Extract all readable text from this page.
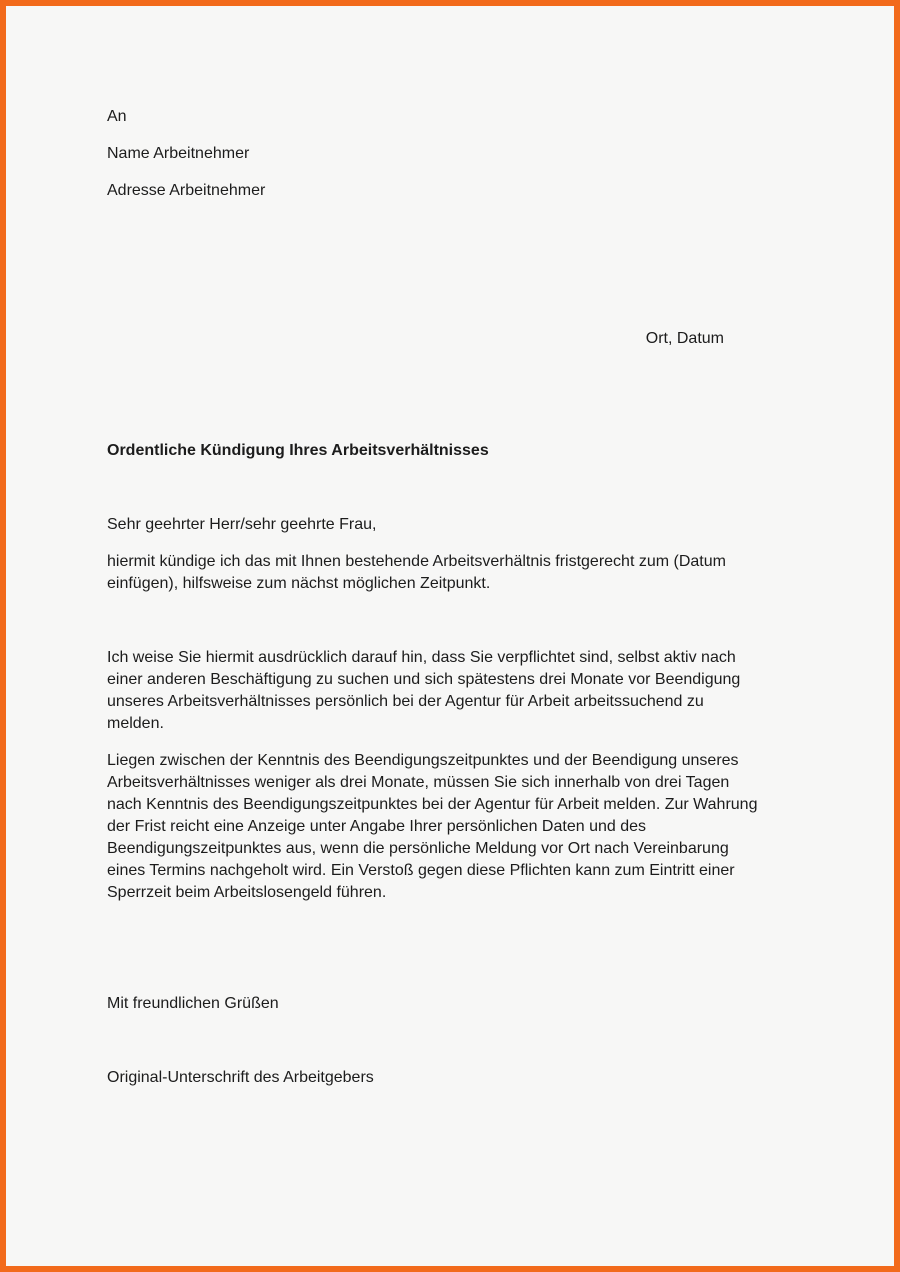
An
Name Arbeitnehmer
Adresse Arbeitnehmer
Ort, Datum
Ordentliche Kündigung Ihres Arbeitsverhältnisses
Sehr geehrter Herr/sehr geehrte Frau,
hiermit kündige ich das mit Ihnen bestehende Arbeitsverhältnis fristgerecht zum (Datum
einfügen), hilfsweise zum nächst möglichen Zeitpunkt.
Ich weise Sie hiermit ausdrücklich darauf hin, dass Sie verpflichtet sind, selbst aktiv nach
einer anderen Beschäftigung zu suchen und sich spätestens drei Monate vor Beendigung
unseres Arbeitsverhältnisses persönlich bei der Agentur für Arbeit arbeitssuchend zu
melden.
Liegen zwischen der Kenntnis des Beendigungszeitpunktes und der Beendigung unseres
Arbeitsverhältnisses weniger als drei Monate, müssen Sie sich innerhalb von drei Tagen
nach Kenntnis des Beendigungszeitpunktes bei der Agentur für Arbeit melden. Zur Wahrung
der Frist reicht eine Anzeige unter Angabe Ihrer persönlichen Daten und des
Beendigungszeitpunktes aus, wenn die persönliche Meldung vor Ort nach Vereinbarung
eines Termins nachgeholt wird. Ein Verstoß gegen diese Pflichten kann zum Eintritt einer
Sperrzeit beim Arbeitslosengeld führen.
Mit freundlichen Grüßen
Original-Unterschrift des Arbeitgebers
